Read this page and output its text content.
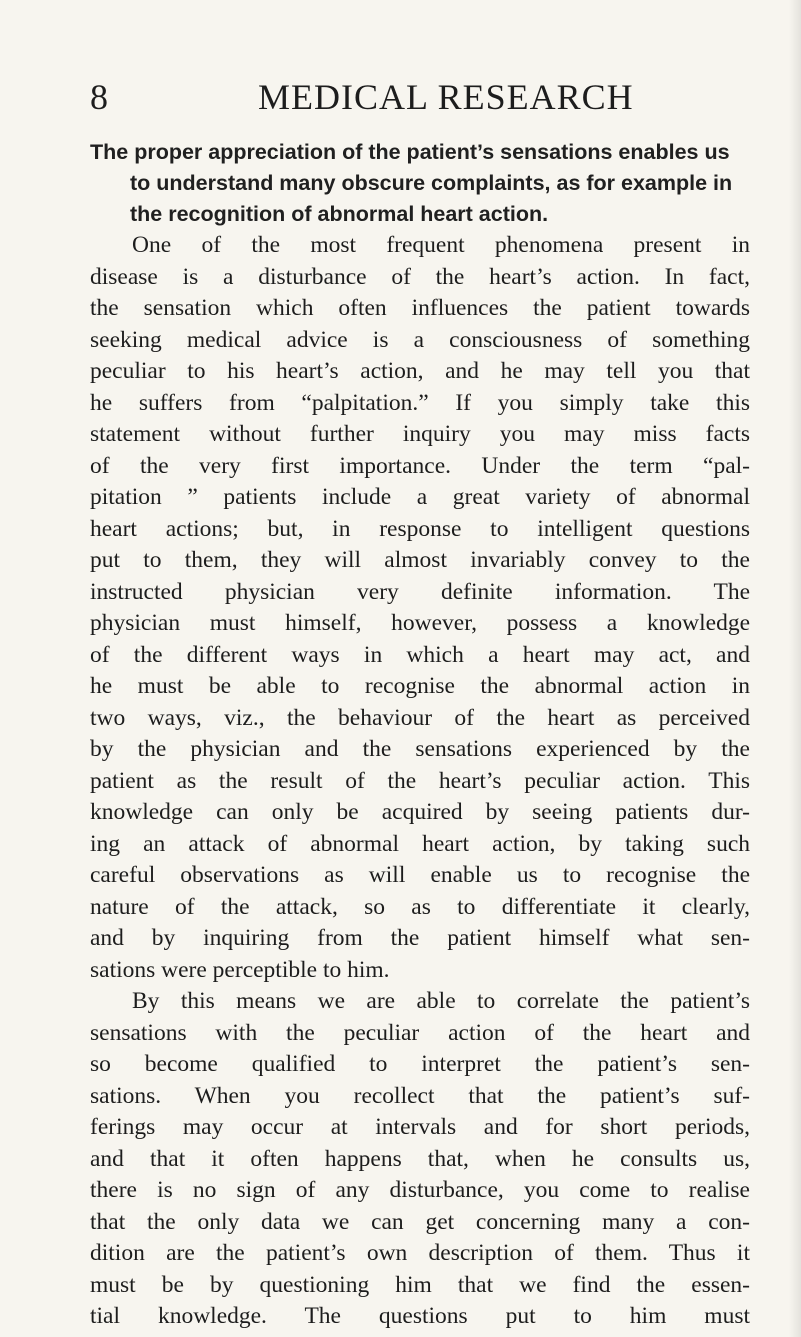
8	MEDICAL RESEARCH

The proper appreciation of the patient’s sensations enables us
to understand many obscure complaints, as for example in
the recognition of abnormal heart action.

One of the most frequent phenomena present in
disease is a disturbance of the heart’s action. In fact,
the sensation which often influences the patient towards
seeking medical advice is a consciousness of something
peculiar to his heart’s action, and he may tell you that
he suffers from “palpitation.” If you simply take this
statement without further inquiry you may miss facts
of the very first importance. Under the term “pal-
pitation ” patients include a great variety of abnormal
heart actions; but, in response to intelligent questions
put to them, they will almost invariably convey to the
instructed physician very definite information. The
physician must himself, however, possess a knowledge
of the different ways in which a heart may act, and
he must be able to recognise the abnormal action in
two ways, viz., the behaviour of the heart as perceived
by the physician and the sensations experienced by the
patient as the result of the heart’s peculiar action. This
knowledge can only be acquired by seeing patients dur-
ing an attack of abnormal heart action, by taking such
careful observations as will enable us to recognise the
nature of the attack, so as to differentiate it clearly,
and by inquiring from the patient himself what sen-
sations were perceptible to him.

By this means we are able to correlate the patient’s
sensations with the peculiar action of the heart and
so become qualified to interpret the patient’s sen-
sations. When you recollect that the patient’s suf-
ferings may occur at intervals and for short periods,
and that it often happens that, when he consults us,
there is no sign of any disturbance, you come to realise
that the only data we can get concerning many a con-
dition are the patient’s own description of them. Thus it
must be by questioning him that we find the essen-
tial knowledge. The questions put to him must
